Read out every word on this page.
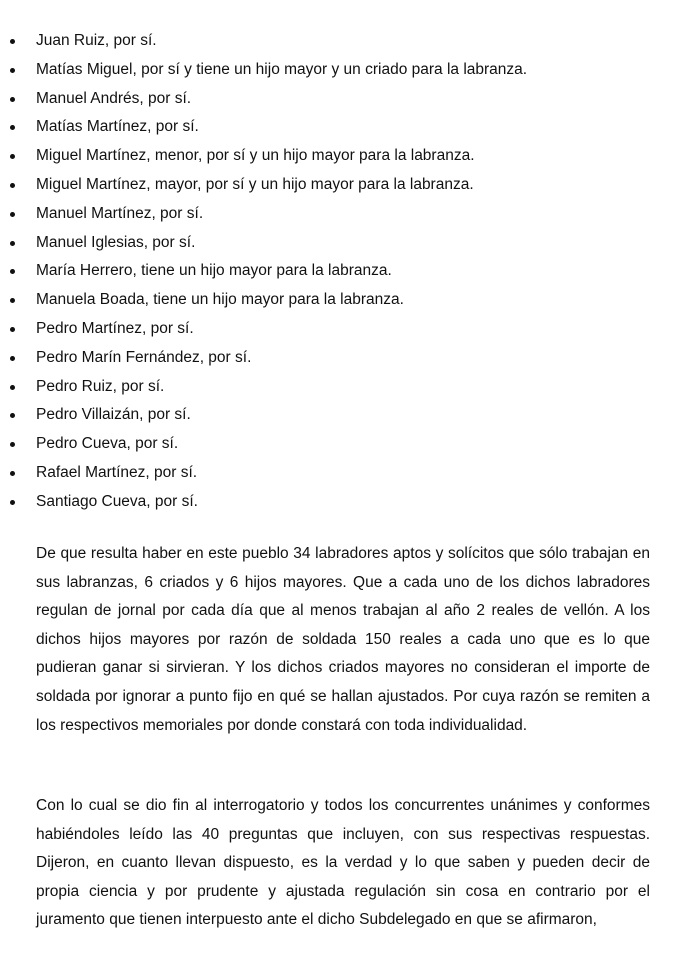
Juan Ruiz, por sí.
Matías Miguel, por sí y tiene un hijo mayor y un criado para la labranza.
Manuel Andrés, por sí.
Matías Martínez, por sí.
Miguel Martínez, menor, por sí y un hijo mayor para la labranza.
Miguel Martínez, mayor, por sí y un hijo mayor para la labranza.
Manuel Martínez, por sí.
Manuel Iglesias, por sí.
María Herrero, tiene un hijo mayor para la labranza.
Manuela Boada, tiene un hijo mayor para la labranza.
Pedro Martínez, por sí.
Pedro Marín Fernández, por sí.
Pedro Ruiz, por sí.
Pedro Villaizán, por sí.
Pedro Cueva, por sí.
Rafael Martínez, por sí.
Santiago Cueva, por sí.

De que resulta haber en este pueblo 34 labradores aptos y solícitos que sólo trabajan en sus labranzas, 6 criados y 6 hijos mayores. Que a cada uno de los dichos labradores regulan de jornal por cada día que al menos trabajan al año 2 reales de vellón. A los dichos hijos mayores por razón de soldada 150 reales a cada uno que es lo que pudieran ganar si sirvieran. Y los dichos criados mayores no consideran el importe de soldada por ignorar a punto fijo en qué se hallan ajustados. Por cuya razón se remiten a los respectivos memoriales por donde constará con toda individualidad.

Con lo cual se dio fin al interrogatorio y todos los concurrentes unánimes y conformes habiéndoles leído las 40 preguntas que incluyen, con sus respectivas respuestas. Dijeron, en cuanto llevan dispuesto, es la verdad y lo que saben y pueden decir de propia ciencia y por prudente y ajustada regulación sin cosa en contrario por el juramento que tienen interpuesto ante el dicho Subdelegado en que se afirmaron,
